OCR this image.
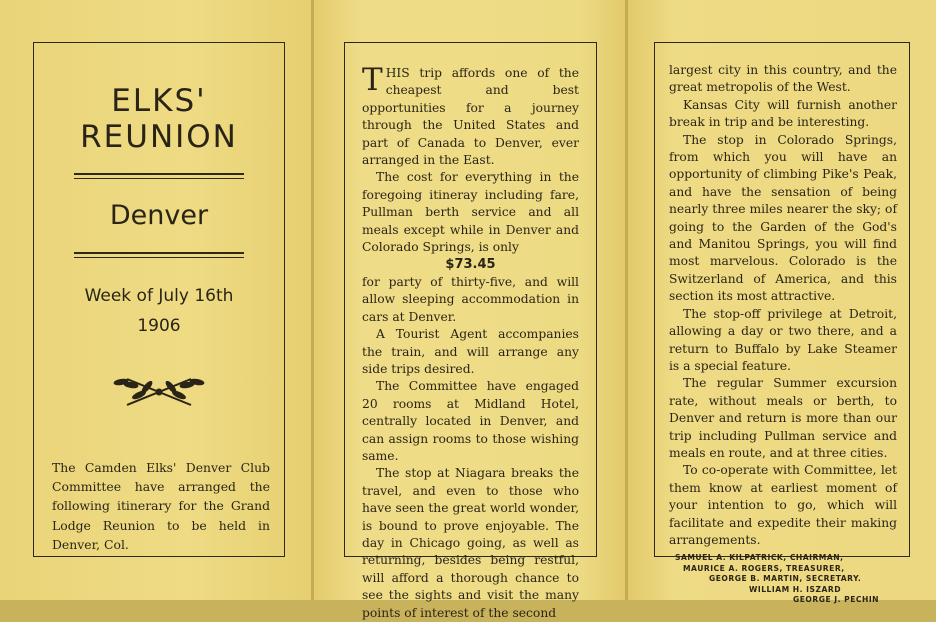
ELKS'
REUNION
Denver
Week of July 16th
1906
The Camden Elks' Denver Club Committee have arranged the following itinerary for the Grand Lodge Reunion to be held in Denver, Col.

THIS trip affords one of the cheapest and best opportunities for a journey through the United States and part of Canada to Denver, ever arranged in the East.

The cost for everything in the foregoing itineray including fare, Pullman berth service and all meals except while in Denver and Colorado Springs, is only

$73.45

for party of thirty-five, and will allow sleeping accommodation in cars at Denver.

A Tourist Agent accompanies the train, and will arrange any side trips desired.

The Committee have engaged 20 rooms at Midland Hotel, centrally located in Denver, and can assign rooms to those wishing same.

The stop at Niagara breaks the travel, and even to those who have seen the great world wonder, is bound to prove enjoyable. The day in Chicago going, as well as returning, besides being restful, will afford a thorough chance to see the sights and visit the many points of interest of the second

largest city in this country, and the great metropolis of the West.

Kansas City will furnish another break in trip and be interesting.

The stop in Colorado Springs, from which you will have an opportunity of climbing Pike's Peak, and have the sensation of being nearly three miles nearer the sky; of going to the Garden of the God's and Manitou Springs, you will find most marvelous. Colorado is the Switzerland of America, and this section its most attractive.

The stop-off privilege at Detroit, allowing a day or two there, and a return to Buffalo by Lake Steamer is a special feature.

The regular Summer excursion rate, without meals or berth, to Denver and return is more than our trip including Pullman service and meals en route, and at three cities.

To co-operate with Committee, let them know at earliest moment of your intention to go, which will facilitate and expedite their making arrangements.

SAMUEL A. KILPATRICK, CHAIRMAN,
MAURICE A. ROGERS, TREASURER,
GEORGE B. MARTIN, SECRETARY.
WILLIAM H. ISZARD
GEORGE J. PECHIN
